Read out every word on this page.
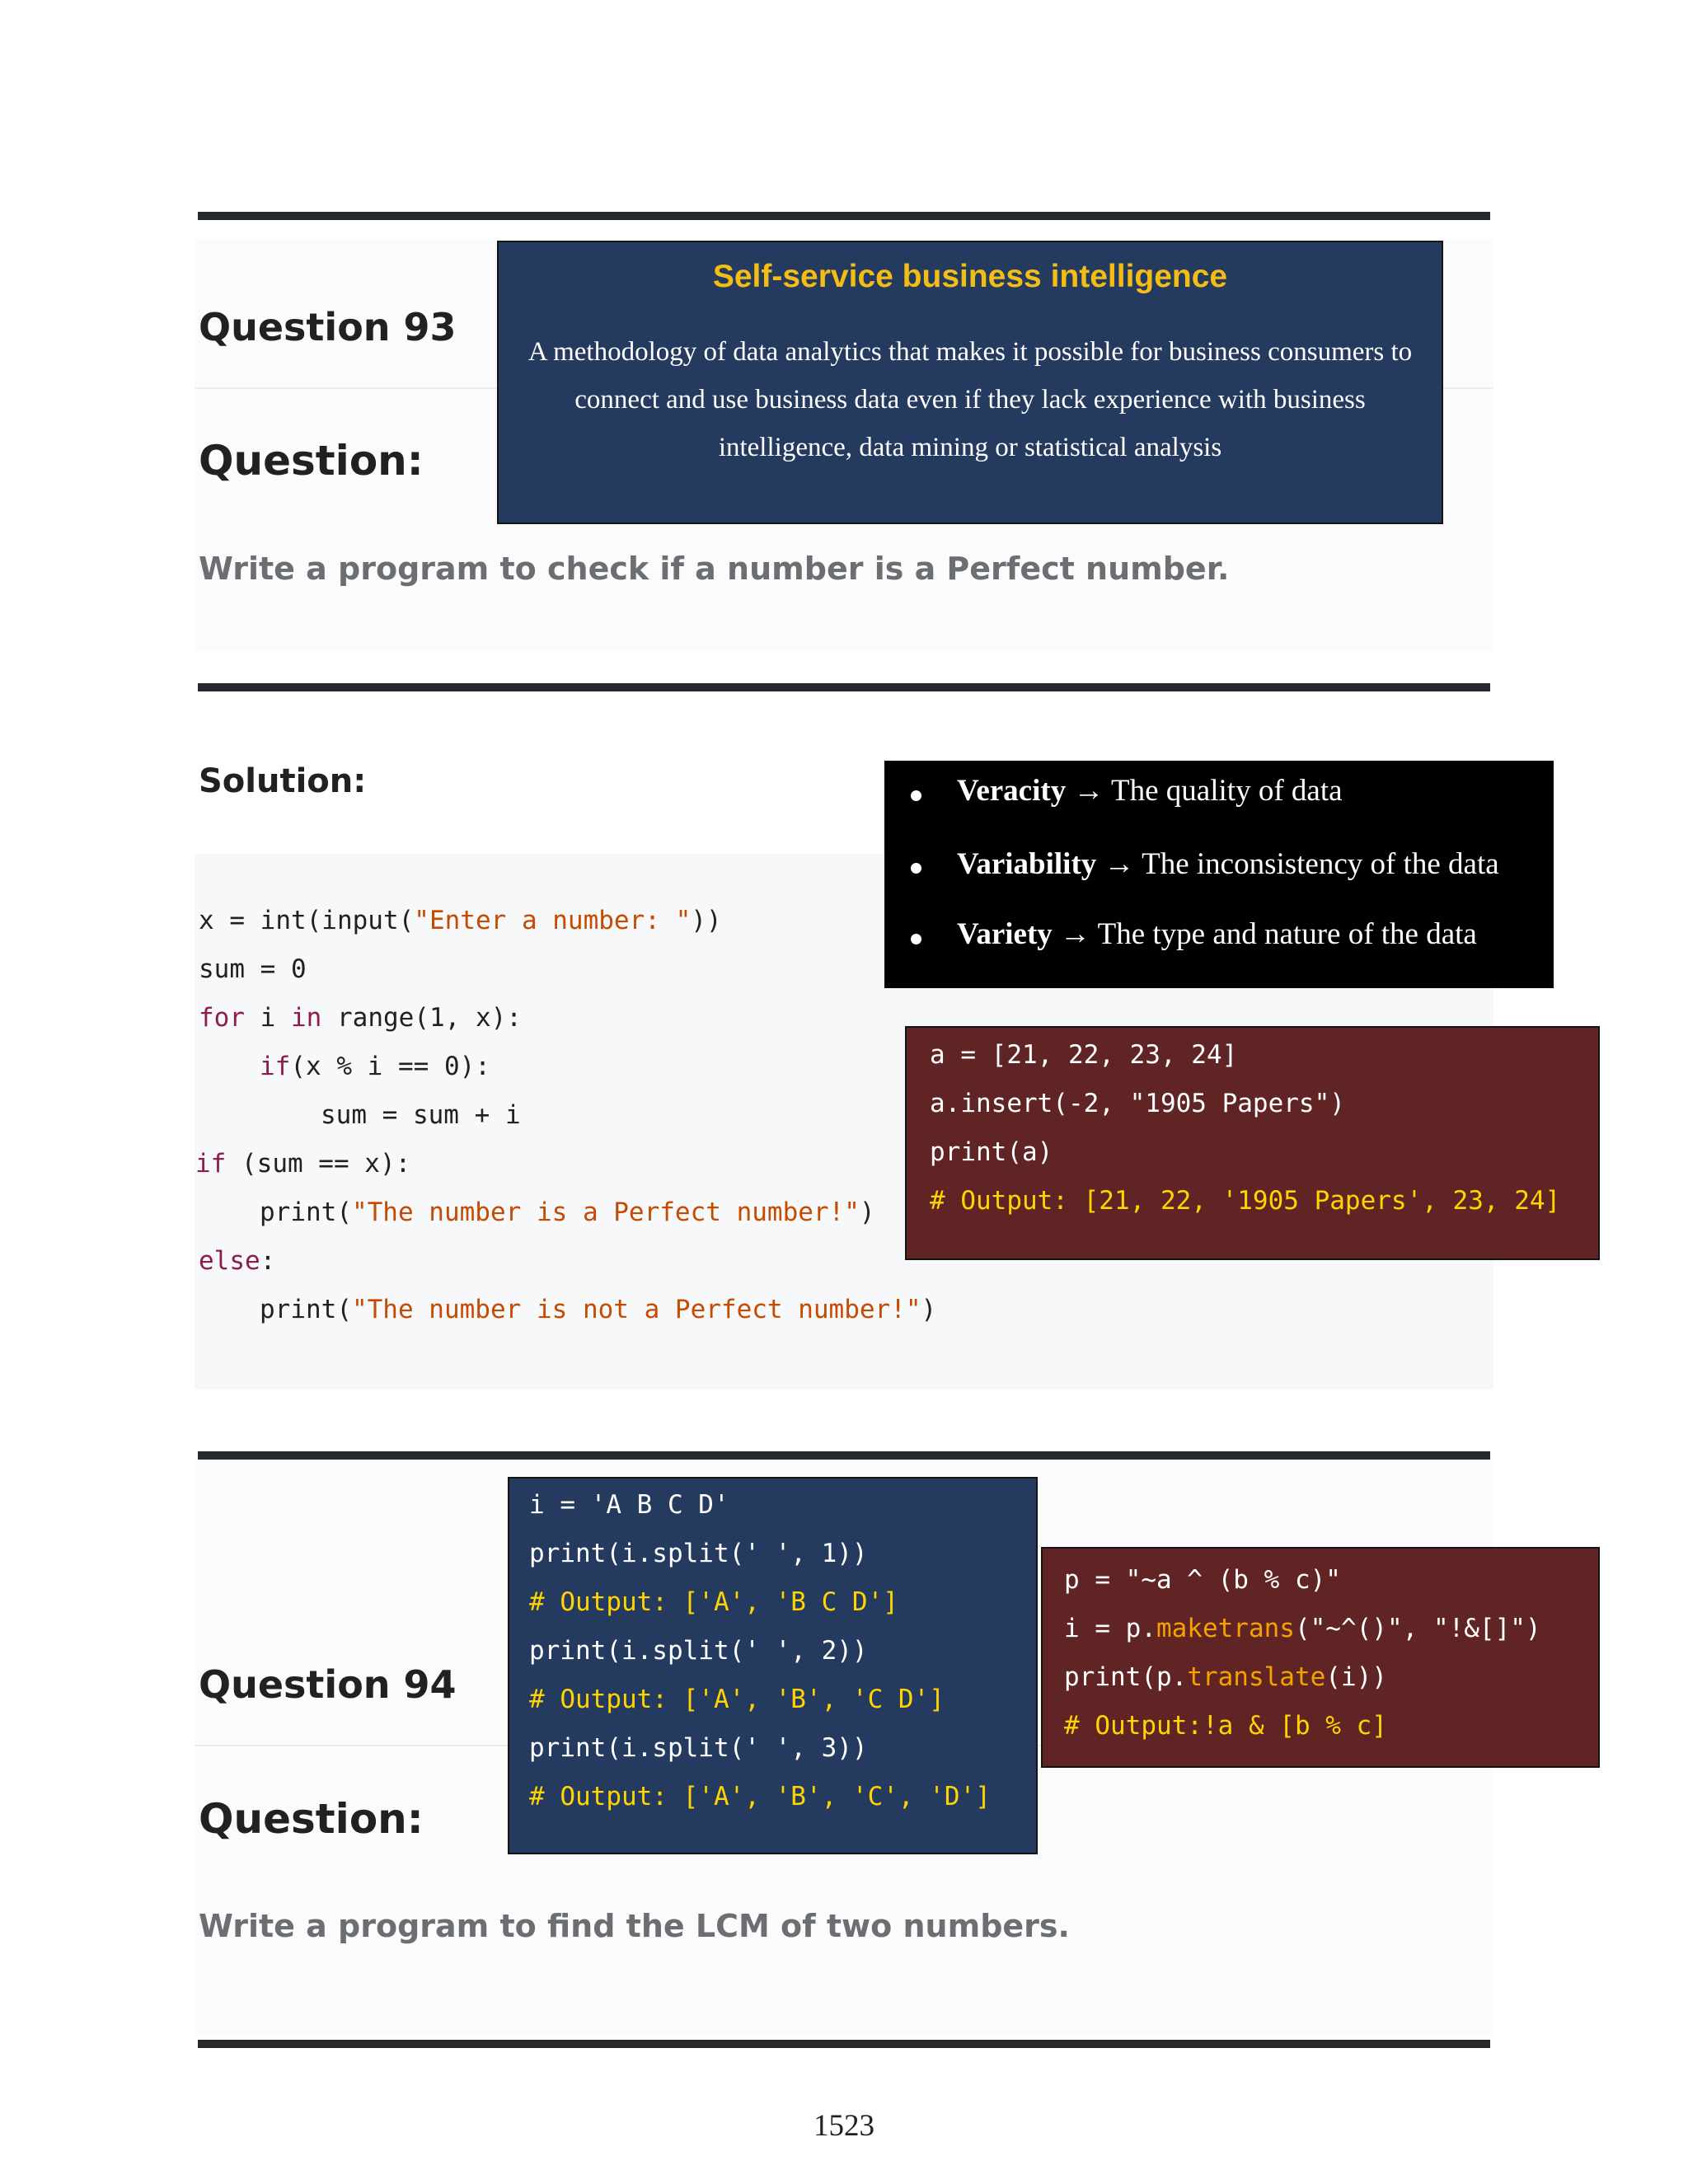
Question 93
Question:
Write a program to check if a number is a Perfect number.
Solution:
x = int(input("Enter a number: "))
sum = 0
for i in range(1, x):
if(x % i == 0):
sum = sum + i
if (sum == x):
print("The number is a Perfect number!")
else:
print("The number is not a Perfect number!")
Self-service business intelligence
A methodology of data analytics that makes it possible for business consumers to
connect and use business data even if they lack experience with business
intelligence, data mining or statistical analysis
Veracity → The quality of data
Variability → The inconsistency of the data
Variety → The type and nature of the data
a = [21, 22, 23, 24]
a.insert(-2, "1905 Papers")
print(a)
# Output: [21, 22, '1905 Papers', 23, 24]
Question 94
Question:
Write a program to find the LCM of two numbers.
i = 'A B C D'
print(i.split(' ', 1))
# Output: ['A', 'B C D']
print(i.split(' ', 2))
# Output: ['A', 'B', 'C D']
print(i.split(' ', 3))
# Output: ['A', 'B', 'C', 'D']
p = "~a ^ (b % c)"
i = p.maketrans("~^()", "!&[]")
print(p.translate(i))
# Output:!a & [b % c]
1523
